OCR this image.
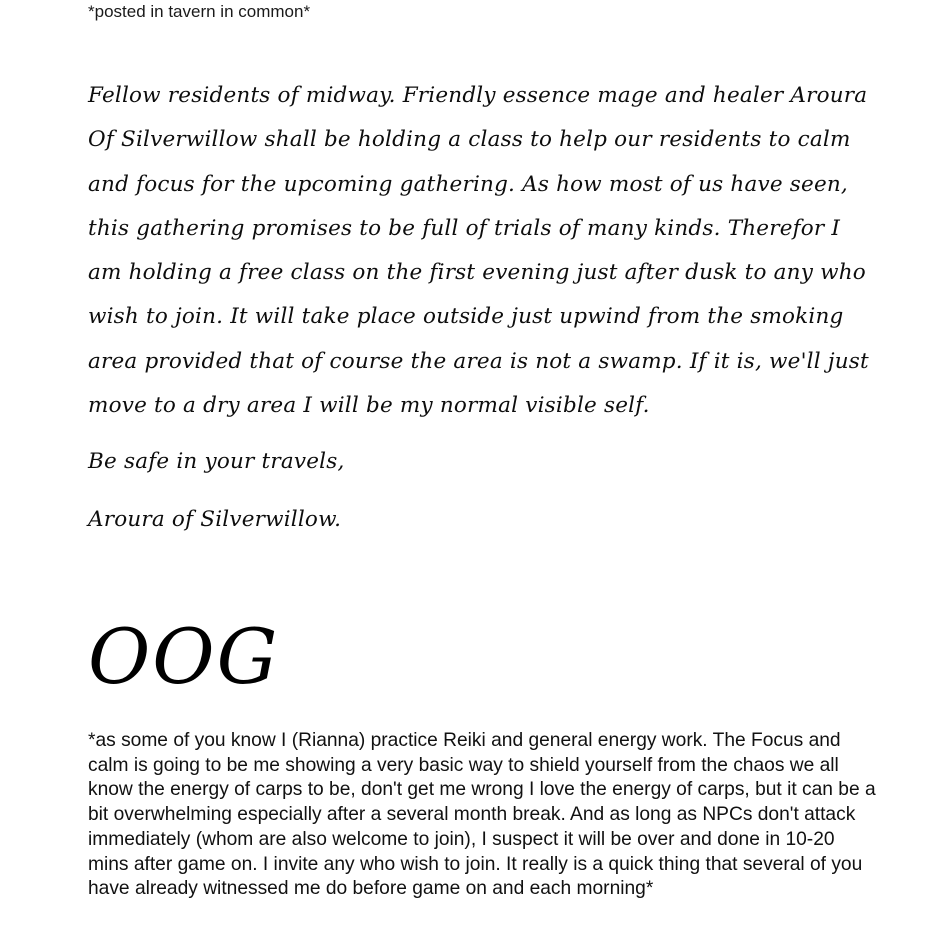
*posted in tavern in common*

Fellow residents of midway. Friendly essence mage and healer Aroura Of Silverwillow shall be holding a class to help our residents to calm and focus for the upcoming gathering. As how most of us have seen, this gathering promises to be full of trials of many kinds. Therefor I am holding a free class on the first evening just after dusk to any who wish to join. It will take place outside just upwind from the smoking area provided that of course the area is not a swamp. If it is, we'll just move to a dry area I will be my normal visible self.

Be safe in your travels,

Aroura of Silverwillow.

OOG

*as some of you know I (Rianna) practice Reiki and general energy work. The Focus and calm is going to be me showing a very basic way to shield yourself from the chaos we all know the energy of carps to be, don't get me wrong I love the energy of carps, but it can be a bit overwhelming especially after a several month break. And as long as NPCs don't attack immediately (whom are also welcome to join), I suspect it will be over and done in 10-20 mins after game on. I invite any who wish to join. It really is a quick thing that several of you have already witnessed me do before game on and each morning*
